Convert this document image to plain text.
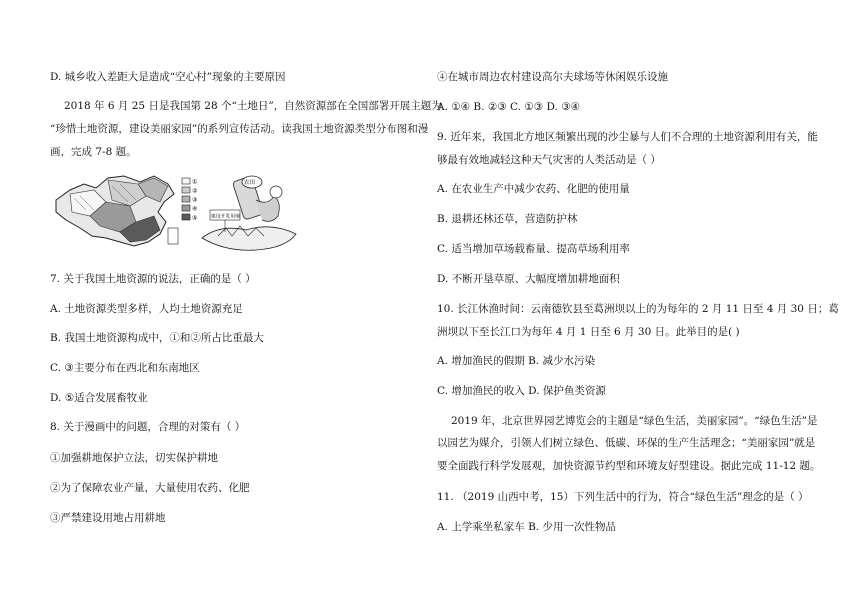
D. 城乡收入差距大是造成“空心村”现象的主要原因
2018 年 6 月 25 日是我国第 28 个“土地日”，自然资源部在全国部署开展主题为
“珍惜土地资源，建设美丽家园”的系列宣传活动。读我国土地资源类型分布图和漫
画，完成 7-8 题。
①
②
③
④
⑤
农田
建设开发用地
7. 关于我国土地资源的说法，正确的是（ ）
A. 土地资源类型多样，人均土地资源充足
B. 我国土地资源构成中，①和②所占比重最大
C. ③主要分布在西北和东南地区
D. ⑤适合发展畜牧业
8. 关于漫画中的问题，合理的对策有（ ）
①加强耕地保护立法，切实保护耕地
②为了保障农业产量，大量使用农药、化肥
③严禁建设用地占用耕地
④在城市周边农村建设高尔夫球场等休闲娱乐设施
A. ①④ B. ②③ C. ①③ D. ③④
9. 近年来，我国北方地区频繁出现的沙尘暴与人们不合理的土地资源利用有关，能
够最有效地减轻这种天气灾害的人类活动是（ ）
A. 在农业生产中减少农药、化肥的使用量
B. 退耕还林还草，营造防护林
C. 适当增加草场载畜量、提高草场利用率
D. 不断开垦草原、大幅度增加耕地面积
10. 长江休渔时间：云南德钦县至葛洲坝以上的为每年的 2 月 11 日至 4 月 30 日；葛
洲坝以下至长江口为每年 4 月 1 日至 6 月 30 日。此举目的是( )
A. 增加渔民的假期 B. 减少水污染
C. 增加渔民的收入 D. 保护鱼类资源
2019 年，北京世界园艺博览会的主题是“绿色生活，美丽家园”。“绿色生活”是
以园艺为媒介，引领人们树立绿色、低碳、环保的生产生活理念；“美丽家园”就是
要全面践行科学发展观，加快资源节约型和环境友好型建设。据此完成 11-12 题。
11. （2019 山西中考，15）下列生活中的行为，符合“绿色生活”理念的是（ ）
A. 上学乘坐私家车 B. 少用一次性物品
